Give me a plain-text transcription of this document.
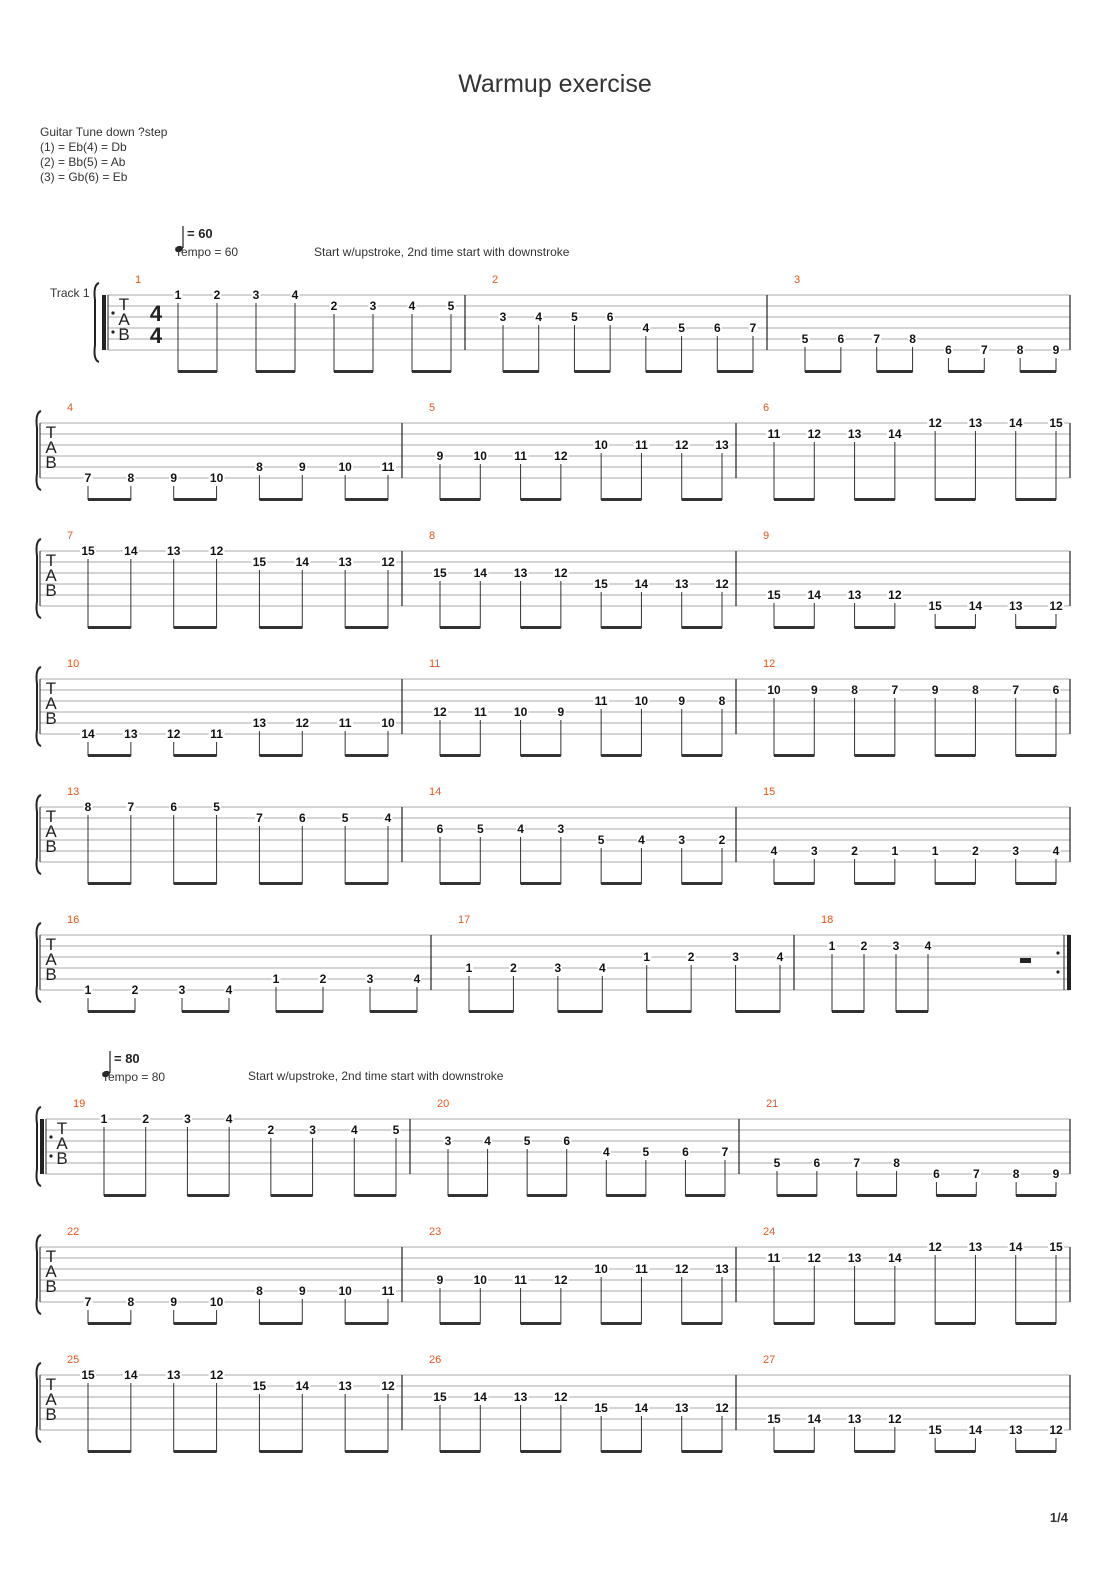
Warmup exercise
Guitar Tune down ?step
(1) = Eb(4) = Db
(2) = Bb(5) = Ab
(3) = Gb(6) = Eb
T
A
B
4
4
1
1	2	3	4
2	3	4	5
2
3 4 5 6
4 5 6 7
3
5 6 7 8
6 7 8 9
Track 1
T
A
B
4
7	8	9	10
8	9	10 11
5
9	10 11 12
10 11 12 13
6
11 12 13 14
12 13 14 15
T
A
B
7
15 14 13 12
15 14 13 12
8
15 14 13 12
15 14 13 12
9
15 14 13 12
15 14 13 12
T
A
B
10
14 13 12 11
13 12 11 10
11
12 11 10	9
11 10	9	8
12
10	9	8	7	9	8	7	6
T
A
B
13
8	7	6	5
7	6	5	4
14
6	5	4	3
5	4	3	2
15
4	3	2	1	1	2	3	4
T
A
B
16
1	2	3	4
1	2	3	4
17
1	2	3	4
1	2	3	4
18
1 2 3 4
T
A
B
19
1	2	3	4
2	3	4	5
20
3	4	5	6
4	5	6	7
21
5	6	7	8
6	7	8	9
T
A
B
22
7	8	9	10
8	9	10 11
23
9	10 11 12
10 11 12 13
24
11 12 13 14
12 13 14 15
T
A
B
25
15 14 13 12
15 14 13 12
26
15 14 13 12
15 14 13 12
27
15 14 13 12
15 14 13 12
= 60
Tempo = 60	Start w/upstroke, 2nd time start with downstroke
= 80
Tempo = 80	Start w/upstroke, 2nd time start with downstroke
1/4
